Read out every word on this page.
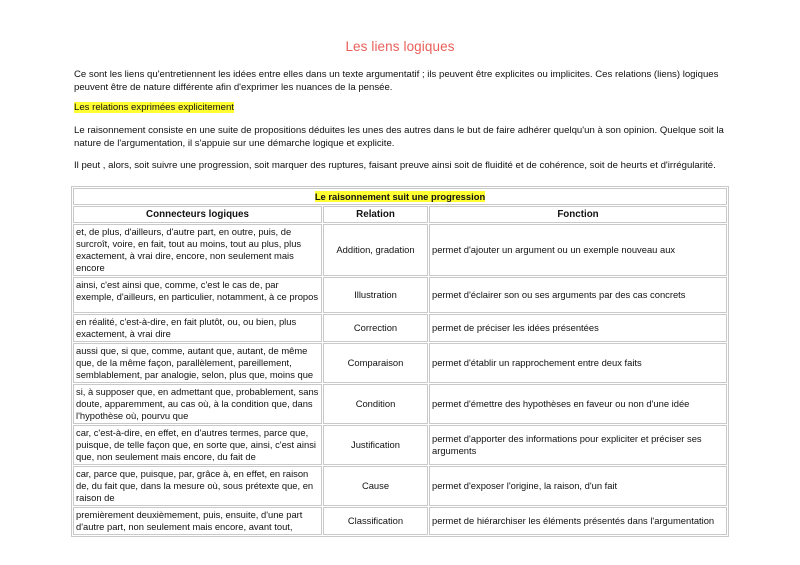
Les liens logiques
Ce sont les liens qu'entretiennent les idées entre elles dans un texte argumentatif ; ils peuvent être explicites ou implicites. Ces relations (liens) logiques peuvent être de nature différente afin d'exprimer les nuances de la pensée.
Les relations exprimées explicitement
Le raisonnement consiste en une suite de propositions déduites les unes des autres dans le but de faire adhérer quelqu'un à son opinion. Quelque soit la nature de l'argumentation, il s'appuie sur une démarche logique et explicite.
Il peut , alors, soit suivre une progression, soit marquer des ruptures, faisant preuve ainsi soit de fluidité et de cohérence, soit de heurts et d'irrégularité.
Le raisonnement suit une progression		
Connecteurs logiques	Relation	Fonction
et, de plus, d'ailleurs, d'autre part, en outre, puis, de surcroît, voire, en fait, tout au moins, tout au plus, plus exactement, à vrai dire, encore, non seulement mais encore	Addition, gradation	permet d'ajouter un argument ou un exemple nouveau aux
ainsi, c'est ainsi que, comme, c'est le cas de, par exemple, d'ailleurs, en particulier, notamment, à ce propos	Illustration	permet d'éclairer son ou ses arguments par des cas concrets
en réalité, c'est-à-dire, en fait plutôt, ou, ou bien, plus exactement, à vrai dire	Correction	permet de préciser les idées présentées
aussi que, si que, comme, autant que, autant, de même que, de la même façon, parallèlement, pareillement, semblablement, par analogie, selon, plus que, moins que	Comparaison	permet d'établir un rapprochement entre deux faits
si, à supposer que, en admettant que, probablement, sans doute, apparemment, au cas où, à la condition que, dans l'hypothèse où, pourvu que	Condition	permet d'émettre des hypothèses en faveur ou non d'une idée
car, c'est-à-dire, en effet, en d'autres termes, parce que, puisque, de telle façon que, en sorte que, ainsi, c'est ainsi que, non seulement mais encore, du fait de	Justification	permet d'apporter des informations pour expliciter et préciser ses arguments
car, parce que, puisque, par, grâce à, en effet, en raison de, du fait que, dans la mesure où, sous prétexte que, en raison de	Cause	permet d'exposer l'origine, la raison, d'un fait
premièrement deuxièmement, puis, ensuite, d'une part d'autre part, non seulement mais encore, avant tout,	Classification	permet de hiérarchiser les éléments présentés dans l'argumentation
